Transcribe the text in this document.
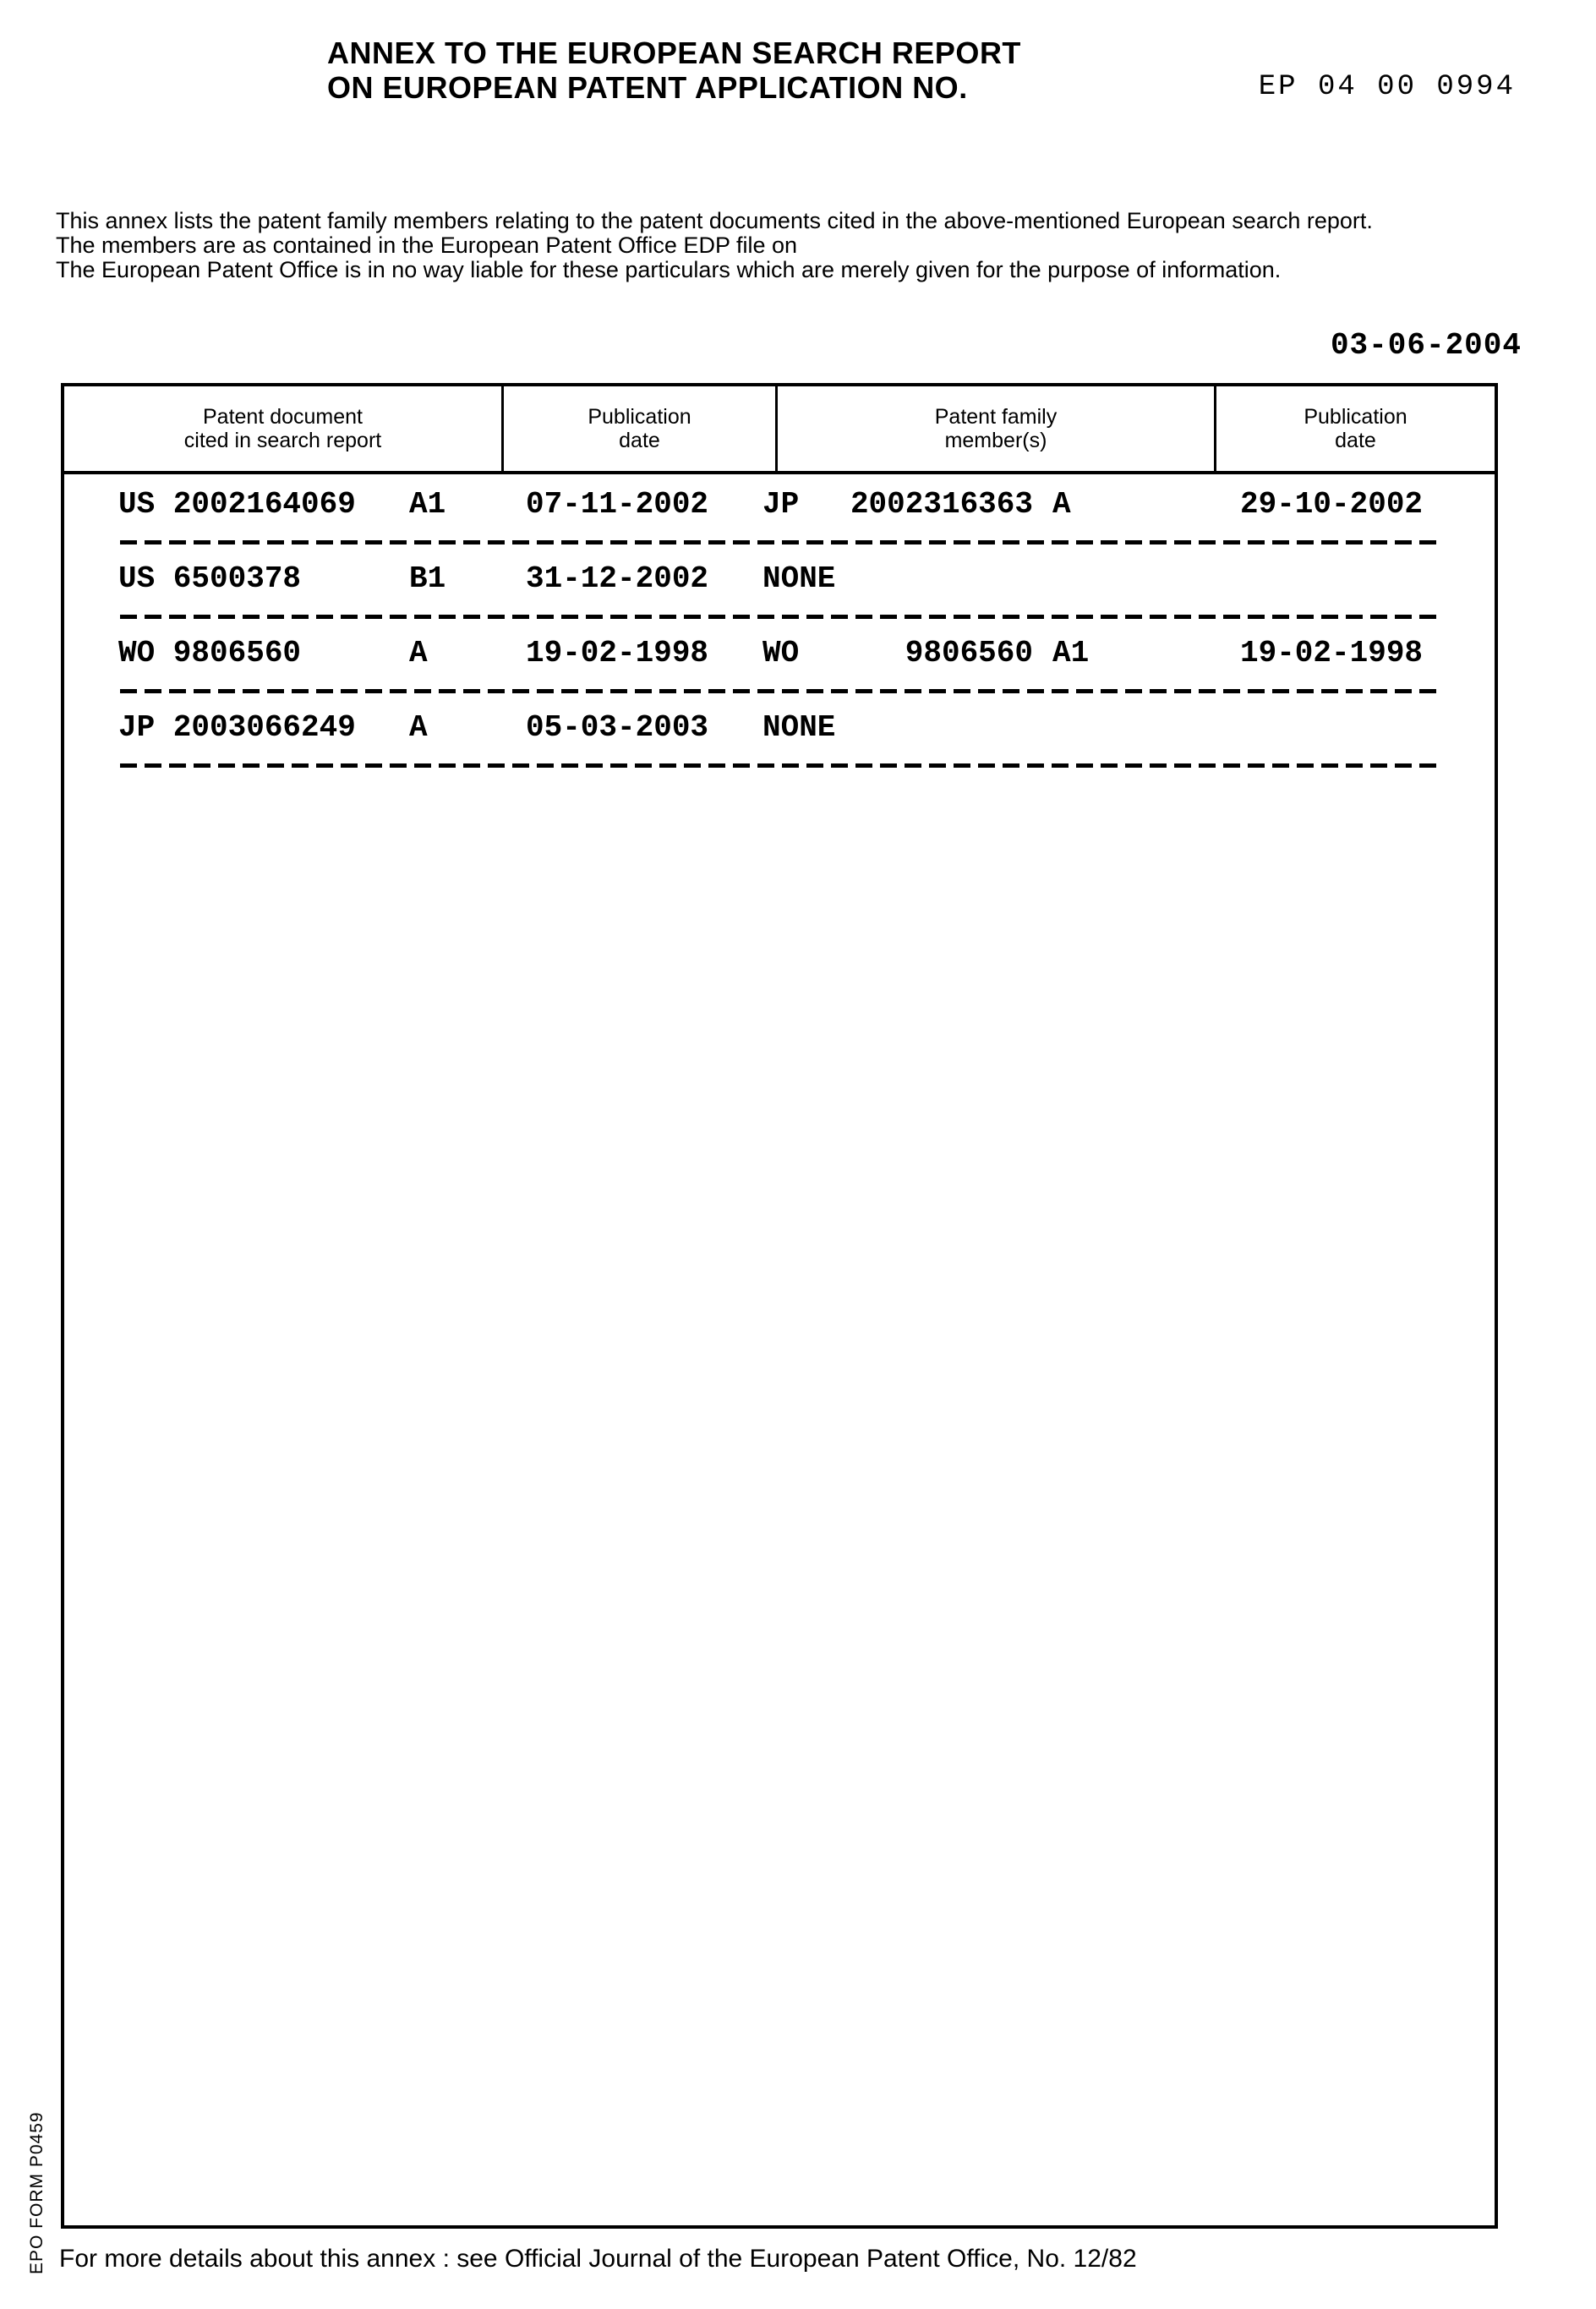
ANNEX TO THE EUROPEAN SEARCH REPORT
ON EUROPEAN PATENT APPLICATION NO.	EP 04 00 0994
This annex lists the patent family members relating to the patent documents cited in the above-mentioned European search report.
The members are as contained in the European Patent Office EDP file on
The European Patent Office is in no way liable for these particulars which are merely given for the purpose of information.
03-06-2004
Patent document
cited in search report
Publication
date
Patent family
member(s)
Publication
date
US 2002164069 A1	07-11-2002 JP	2002316363 A	29-10-2002
US 6500378	B1	31-12-2002 NONE
WO 9806560	A	19-02-1998 WO	9806560 A1	19-02-1998
JP 2003066249 A	05-03-2003 NONE
EPO FORM P0459 For more details about this annex : see Official Journal of the European Patent Office, No. 12/82
